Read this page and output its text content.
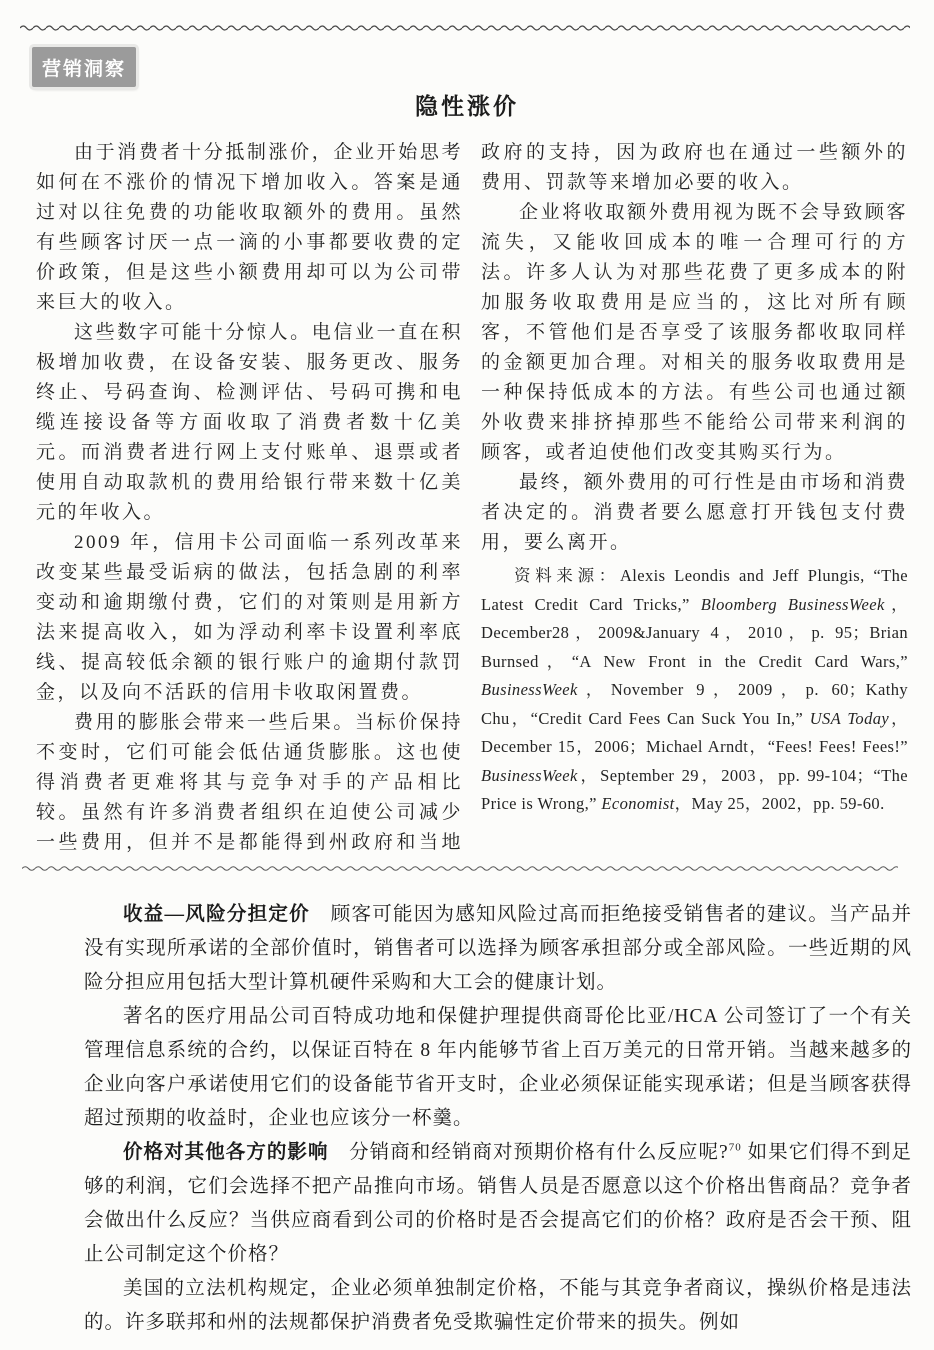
营销洞察
隐性涨价

由于消费者十分抵制涨价，企业开始思考如何在不涨价的情况下增加收入。答案是通过对以往免费的功能收取额外的费用。虽然有些顾客讨厌一点一滴的小事都要收费的定价政策，但是这些小额费用却可以为公司带来巨大的收入。

这些数字可能十分惊人。电信业一直在积极增加收费，在设备安装、服务更改、服务终止、号码查询、检测评估、号码可携和电缆连接设备等方面收取了消费者数十亿美元。而消费者进行网上支付账单、退票或者使用自动取款机的费用给银行带来数十亿美元的年收入。

2009 年，信用卡公司面临一系列改革来改变某些最受诟病的做法，包括急剧的利率变动和逾期缴付费，它们的对策则是用新方法来提高收入，如为浮动利率卡设置利率底线、提高较低余额的银行账户的逾期付款罚金，以及向不活跃的信用卡收取闲置费。

费用的膨胀会带来一些后果。当标价保持不变时，它们可能会低估通货膨胀。这也使得消费者更难将其与竞争对手的产品相比较。虽然有许多消费者组织在迫使公司减少一些费用，但并不是都能得到州政府和当地政府的支持，因为政府也在通过一些额外的费用、罚款等来增加必要的收入。

企业将收取额外费用视为既不会导致顾客流失，又能收回成本的唯一合理可行的方法。许多人认为对那些花费了更多成本的附加服务收取费用是应当的，这比对所有顾客，不管他们是否享受了该服务都收取同样的金额更加合理。对相关的服务收取费用是一种保持低成本的方法。有些公司也通过额外收费来排挤掉那些不能给公司带来利润的顾客，或者迫使他们改变其购买行为。

最终，额外费用的可行性是由市场和消费者决定的。消费者要么愿意打开钱包支付费用，要么离开。

资料来源：Alexis Leondis and Jeff Plungis, “The Latest Credit Card Tricks,” Bloomberg BusinessWeek，December28，2009&January 4，2010，p. 95；Brian Burnsed，“A New Front in the Credit Card Wars,” BusinessWeek，November 9，2009，p. 60；Kathy Chu，“Credit Card Fees Can Suck You In,” USA Today，December 15，2006；Michael Arndt，“Fees! Fees! Fees!” BusinessWeek，September 29，2003，pp. 99-104；“The Price is Wrong,” Economist，May 25，2002，pp. 59-60.

收益—风险分担定价　顾客可能因为感知风险过高而拒绝接受销售者的建议。当产品并没有实现所承诺的全部价值时，销售者可以选择为顾客承担部分或全部风险。一些近期的风险分担应用包括大型计算机硬件采购和大工会的健康计划。

著名的医疗用品公司百特成功地和保健护理提供商哥伦比亚/HCA 公司签订了一个有关管理信息系统的合约，以保证百特在 8 年内能够节省上百万美元的日常开销。当越来越多的企业向客户承诺使用它们的设备能节省开支时，企业必须保证能实现承诺；但是当顾客获得超过预期的收益时，企业也应该分一杯羹。

价格对其他各方的影响　分销商和经销商对预期价格有什么反应呢?$^{70}$ 如果它们得不到足够的利润，它们会选择不把产品推向市场。销售人员是否愿意以这个价格出售商品？竞争者会做出什么反应？当供应商看到公司的价格时是否会提高它们的价格？政府是否会干预、阻止公司制定这个价格？

美国的立法机构规定，企业必须单独制定价格，不能与其竞争者商议，操纵价格是违法的。许多联邦和州的法规都保护消费者免受欺骗性定价带来的损失。例如
